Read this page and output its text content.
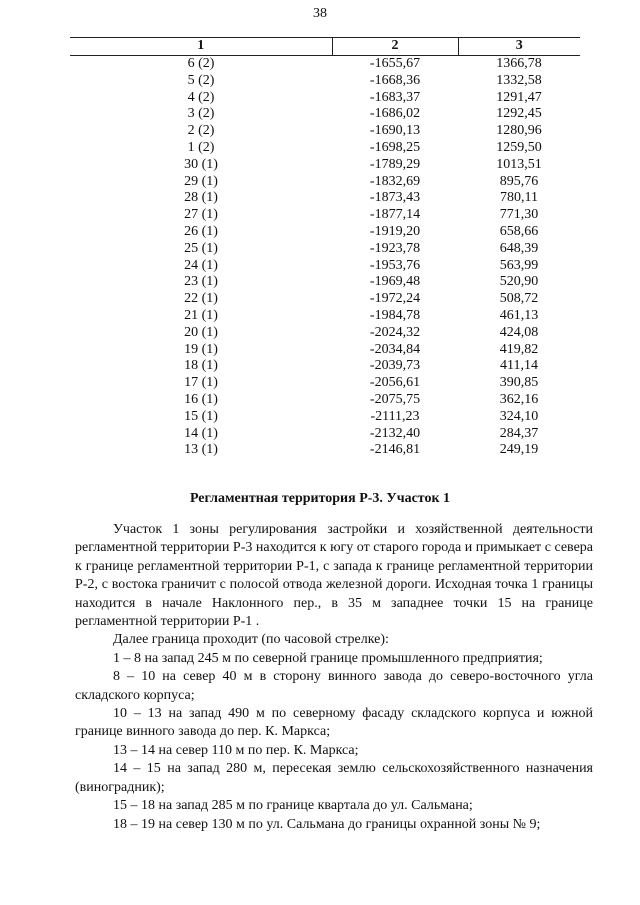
38
1	2	3
6 (2)	-1655,67	1366,78
5 (2)	-1668,36	1332,58
4 (2)	-1683,37	1291,47
3 (2)	-1686,02	1292,45
2 (2)	-1690,13	1280,96
1 (2)	-1698,25	1259,50
30 (1)	-1789,29	1013,51
29 (1)	-1832,69	895,76
28 (1)	-1873,43	780,11
27 (1)	-1877,14	771,30
26 (1)	-1919,20	658,66
25 (1)	-1923,78	648,39
24 (1)	-1953,76	563,99
23 (1)	-1969,48	520,90
22 (1)	-1972,24	508,72
21 (1)	-1984,78	461,13
20 (1)	-2024,32	424,08
19 (1)	-2034,84	419,82
18 (1)	-2039,73	411,14
17 (1)	-2056,61	390,85
16 (1)	-2075,75	362,16
15 (1)	-2111,23	324,10
14 (1)	-2132,40	284,37
13 (1)	-2146,81	249,19
Регламентная территория Р-3. Участок 1

Участок 1 зоны регулирования застройки и хозяйственной деятельности регламентной территории Р-3 находится к югу от старого города и примыкает с севера к границе регламентной территории Р-1, с запада к границе регламентной территории Р-2, с востока граничит с полосой отвода железной дороги. Исходная точка 1 границы находится в начале Наклонного пер., в 35 м западнее точки 15 на границе регламентной территории Р-1 .

Далее граница проходит (по часовой стрелке):

1 – 8 на запад 245 м по северной границе промышленного предприятия;

8 – 10 на север 40 м в сторону винного завода до северо-восточного угла складского корпуса;

10 – 13 на запад 490 м по северному фасаду складского корпуса и южной границе винного завода до пер. К. Маркса;

13 – 14 на север 110 м по пер. К. Маркса;

14 – 15 на запад 280 м, пересекая землю сельскохозяйственного назначения (виноградник);

15 – 18 на запад 285 м по границе квартала до ул. Сальмана;

18 – 19 на север 130 м по ул. Сальмана до границы охранной зоны № 9;
